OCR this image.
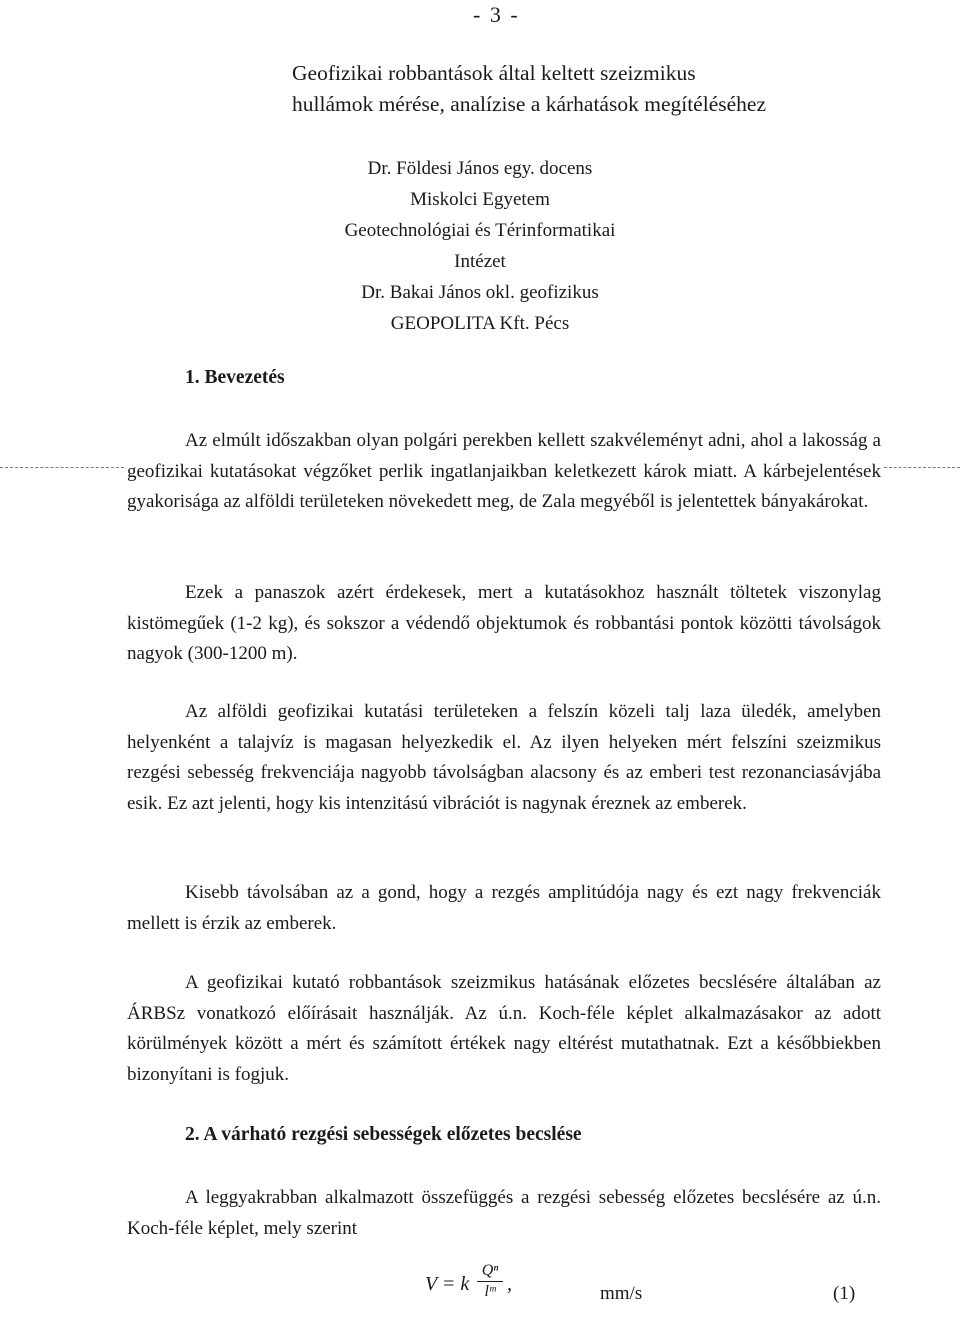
- 3 -
Geofizikai robbantások által keltett szeizmikus
hullámok mérése, analízise a kárhatások megítéléséhez
Dr. Földesi János egy. docens
Miskolci Egyetem
Geotechnológiai és Térinformatikai Intézet
Dr. Bakai János okl. geofizikus
GEOPOLITA Kft. Pécs
1. Bevezetés
Az elmúlt időszakban olyan polgári perekben kellett szakvéleményt adni, ahol a lakosság a geofizikai kutatásokat végzőket perlik ingatlanjaikban keletkezett károk miatt. A kárbejelentések gyakorisága az alföldi területeken növekedett meg, de Zala megyéből is jelentettek bányakárokat.
Ezek a panaszok azért érdekesek, mert a kutatásokhoz használt töltetek viszonylag kistömegűek (1-2 kg), és sokszor a védendő objektumok és robbantási pontok közötti távolságok nagyok (300-1200 m).
Az alföldi geofizikai kutatási területeken a felszín közeli talj laza üledék, amelyben helyenként a talajvíz is magasan helyezkedik el. Az ilyen helyeken mért felszíni szeizmikus rezgési sebesség frekvenciája nagyobb távolságban alacsony és az emberi test rezonanciasávjába esik. Ez azt jelenti, hogy kis intenzitású vibrációt is nagynak éreznek az emberek.
Kisebb távolsában az a gond, hogy a rezgés amplitúdója nagy és ezt nagy frekvenciák mellett is érzik az emberek.
A geofizikai kutató robbantások szeizmikus hatásának előzetes becslésére általában az ÁRBSz vonatkozó előírásait használják. Az ú.n. Koch-féle képlet alkalmazásakor az adott körülmények között a mért és számított értékek nagy eltérést mutathatnak. Ezt a későbbiekben bizonyítani is fogjuk.
2. A várható rezgési sebességek előzetes becslése
A leggyakrabban alkalmazott összefüggés a rezgési sebesség előzetes becslésére az ú.n. Koch-féle képlet, mely szerint
V = k $\frac{\text{Qⁿ}}{\text{lᵐ}}$ ,	mm/s	(1)
